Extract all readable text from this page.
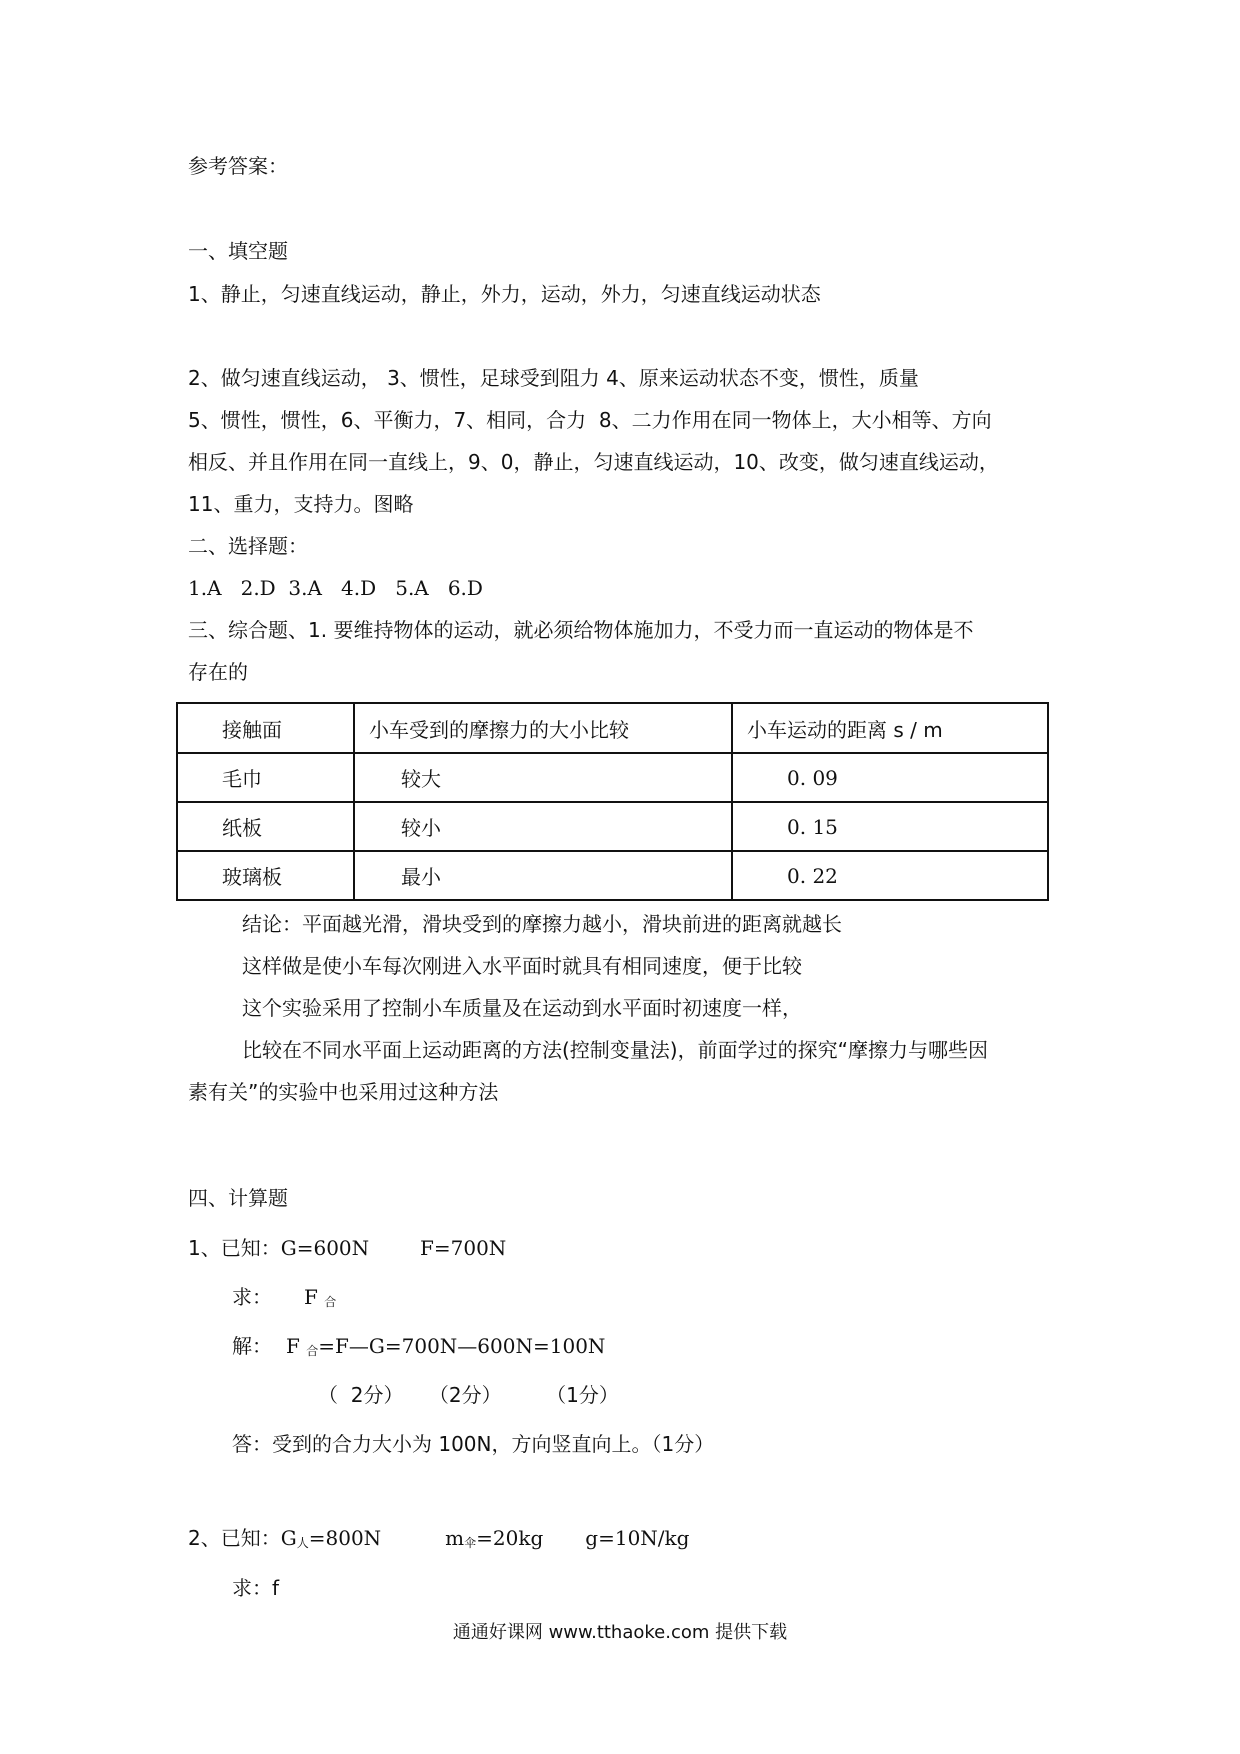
参考答案：
一、填空题
1、静止，匀速直线运动，静止，外力，运动，外力，匀速直线运动状态
2、做匀速直线运动， 3、惯性，足球受到阻力 4、原来运动状态不变，惯性，质量
5、惯性，惯性，6、平衡力，7、相同，合力  8、二力作用在同一物体上，大小相等、方向
相反、并且作用在同一直线上，9、0，静止，匀速直线运动，10、改变，做匀速直线运动，
11、重力，支持力。图略
二、选择题：
1.A   2.D  3.A   4.D   5.A   6.D
三、综合题、1. 要维持物体的运动，就必须给物体施加力，不受力而一直运动的物体是不
存在的
接触面	小车受到的摩擦力的大小比较	小车运动的距离 s / m
毛巾	较大	0. 09
纸板	较小	0. 15
玻璃板	最小	0. 22
结论：平面越光滑，滑块受到的摩擦力越小，滑块前进的距离就越长
这样做是使小车每次刚进入水平面时就具有相同速度，便于比较
这个实验采用了控制小车质量及在运动到水平面时初速度一样，
比较在不同水平面上运动距离的方法(控制变量法)，前面学过的探究“摩擦力与哪些因
素有关”的实验中也采用过这种方法
四、计算题
1、已知：G=600N        F=700N
求： F 合
解： F 合=F—G=700N—600N=100N
（  2分）    （2分）       （1分）
答：受到的合力大小为 100N，方向竖直向上。（1分）
2、已知：G人=800N	m伞=20kg g=10N/kg
求：f
通通好课网 www.tthaoke.com 提供下载
